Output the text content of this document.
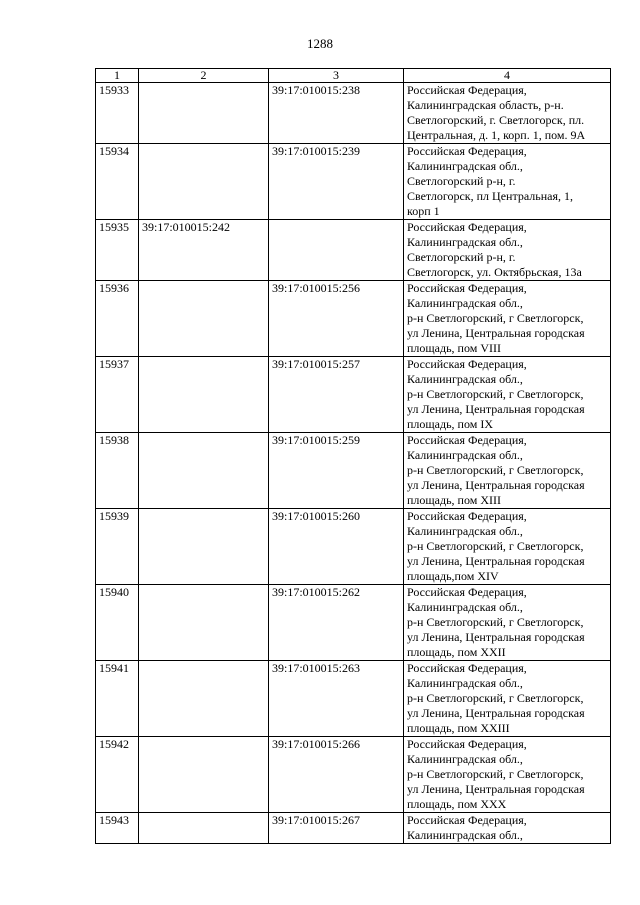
1288
1	2	3	4
15933		39:17:010015:238	Российская Федерация,
Калининградская область, р-н.
Светлогорский, г. Светлогорск, пл.
Центральная, д. 1, корп. 1, пом. 9А
15934		39:17:010015:239	Российская Федерация,
Калининградская обл.,
Светлогорский р-н, г.
Светлогорск, пл Центральная, 1,
корп 1
15935	39:17:010015:242		Российская Федерация,
Калининградская обл.,
Светлогорский р-н, г.
Светлогорск, ул. Октябрьская, 13а
15936		39:17:010015:256	Российская Федерация,
Калининградская обл.,
р-н Светлогорский, г Светлогорск,
ул Ленина, Центральная городская
площадь, пом VIII
15937		39:17:010015:257	Российская Федерация,
Калининградская обл.,
р-н Светлогорский, г Светлогорск,
ул Ленина, Центральная городская
площадь, пом IX
15938		39:17:010015:259	Российская Федерация,
Калининградская обл.,
р-н Светлогорский, г Светлогорск,
ул Ленина, Центральная городская
площадь, пом XIII
15939		39:17:010015:260	Российская Федерация,
Калининградская обл.,
р-н Светлогорский, г Светлогорск,
ул Ленина, Центральная городская
площадь,пом XIV
15940		39:17:010015:262	Российская Федерация,
Калининградская обл.,
р-н Светлогорский, г Светлогорск,
ул Ленина, Центральная городская
площадь, пом XXII
15941		39:17:010015:263	Российская Федерация,
Калининградская обл.,
р-н Светлогорский, г Светлогорск,
ул Ленина, Центральная городская
площадь, пом XXIII
15942		39:17:010015:266	Российская Федерация,
Калининградская обл.,
р-н Светлогорский, г Светлогорск,
ул Ленина, Центральная городская
площадь, пом XXX
15943		39:17:010015:267	Российская Федерация,
Калининградская обл.,
